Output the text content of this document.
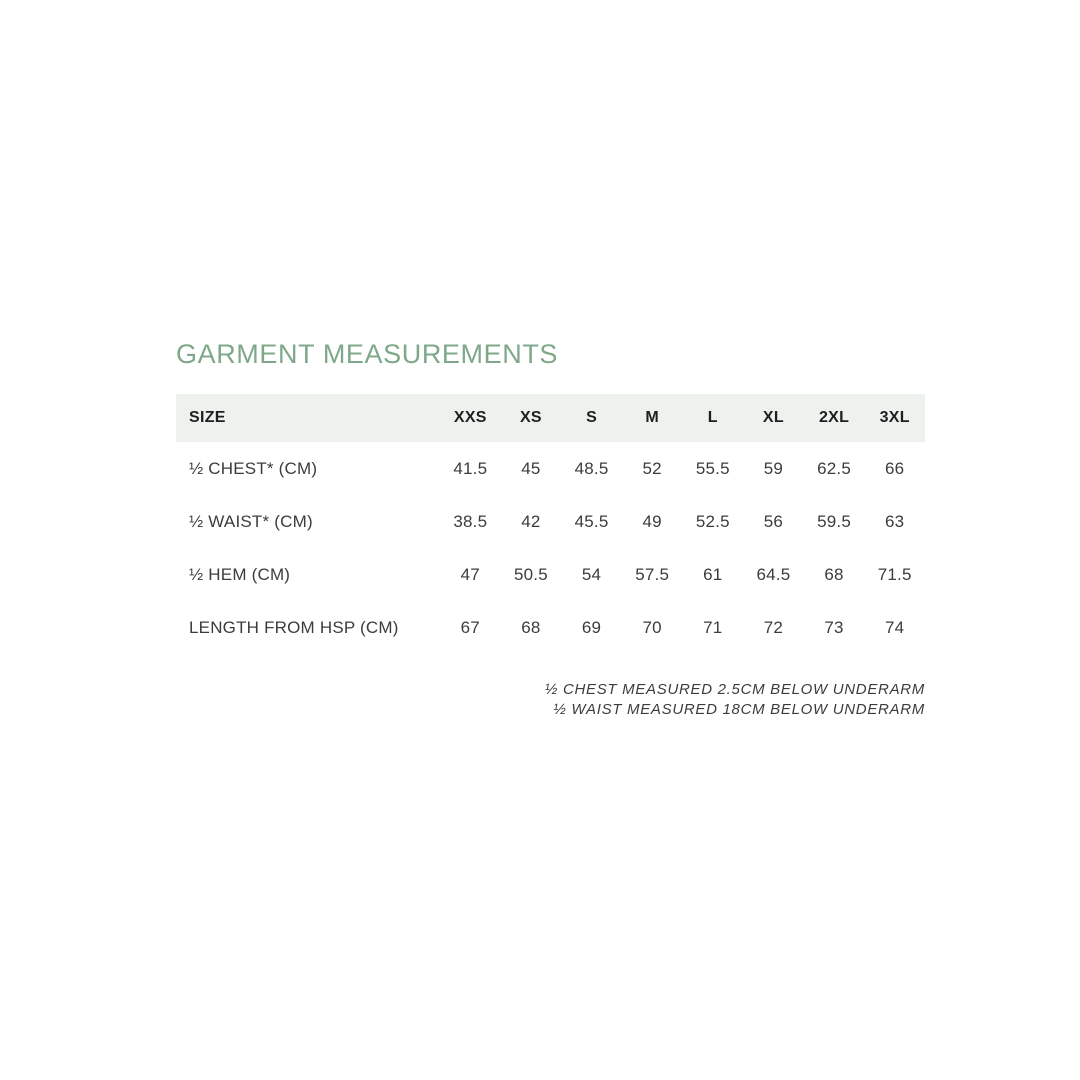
GARMENT MEASUREMENTS
SIZE	XXS	XS	S	M	L	XL	2XL	3XL
½ CHEST* (CM)	41.5	45	48.5	52	55.5	59	62.5	66
½ WAIST* (CM)	38.5	42	45.5	49	52.5	56	59.5	63
½ HEM (CM)	47	50.5	54	57.5	61	64.5	68	71.5
LENGTH FROM HSP (CM)	67	68	69	70	71	72	73	74
½ CHEST MEASURED 2.5CM BELOW UNDERARM
½ WAIST MEASURED 18CM BELOW UNDERARM
